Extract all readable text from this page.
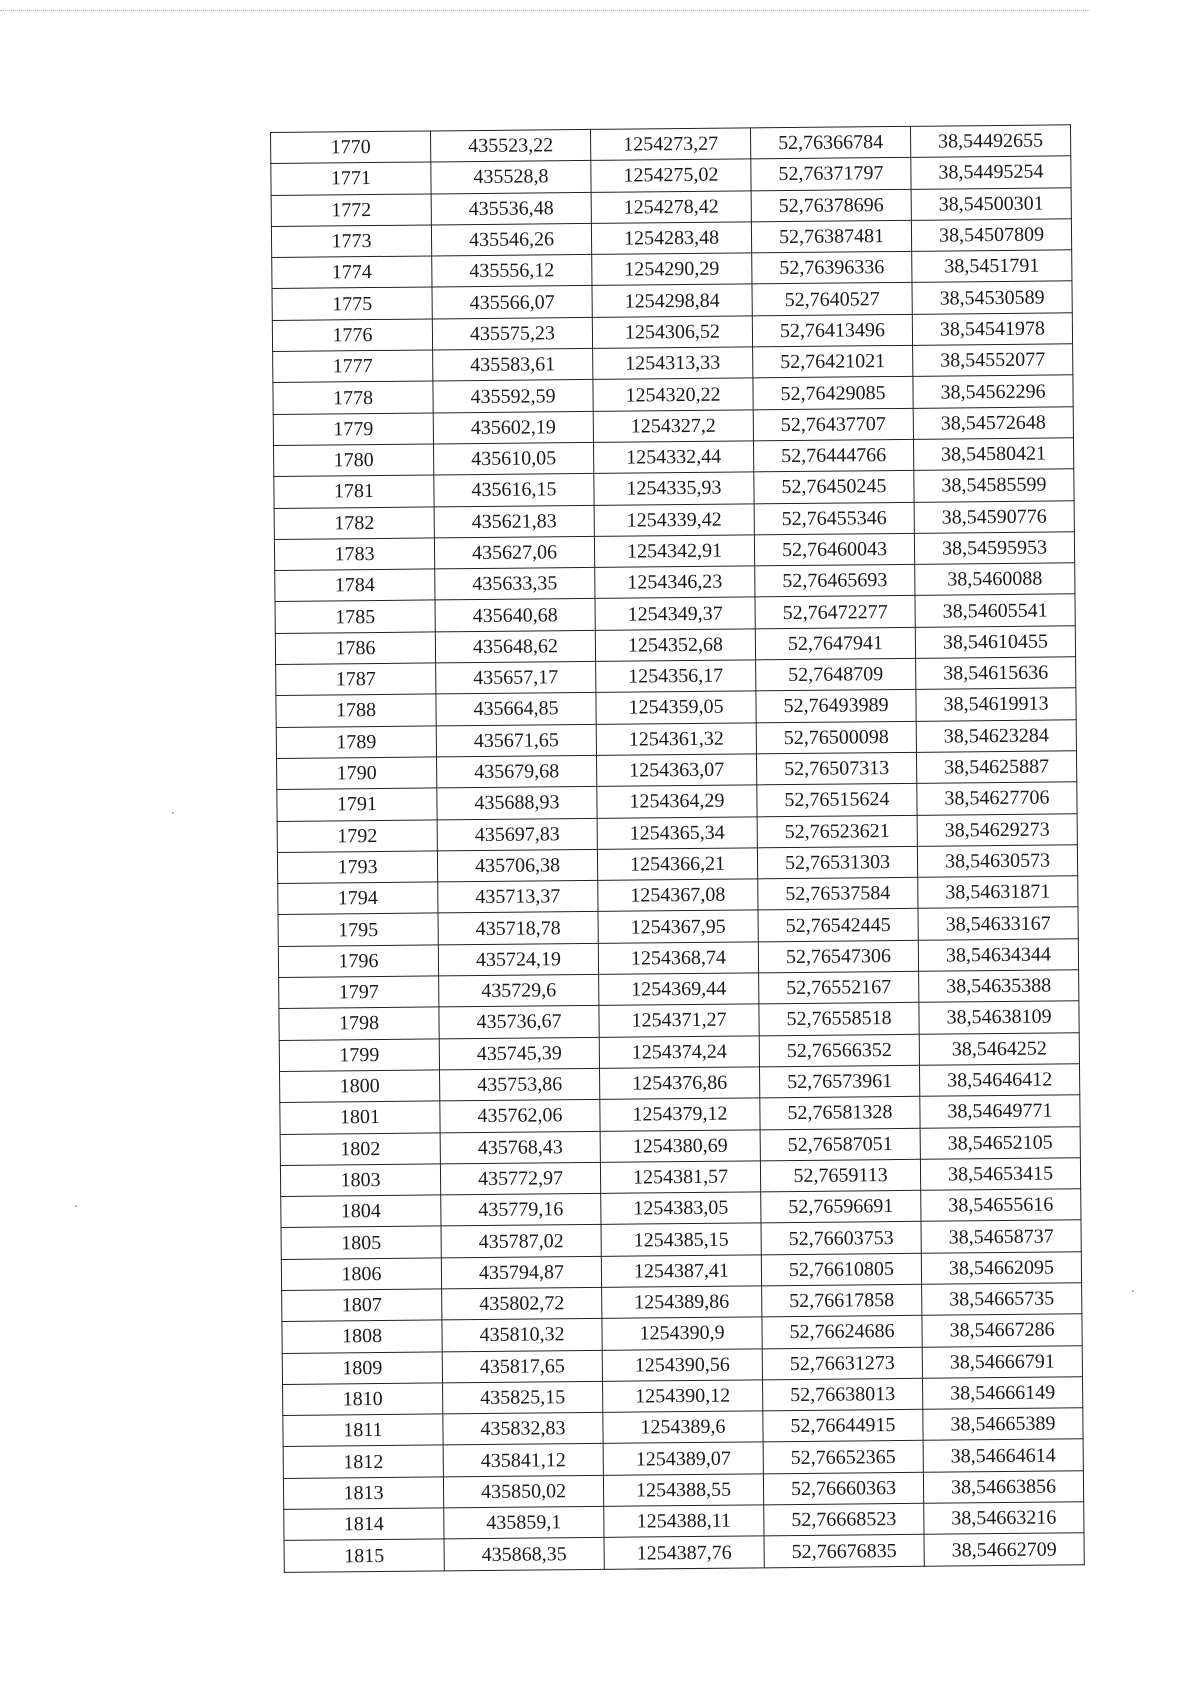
1770	435523,22	1254273,27	52,76366784	38,54492655
1771	435528,8	1254275,02	52,76371797	38,54495254
1772	435536,48	1254278,42	52,76378696	38,54500301
1773	435546,26	1254283,48	52,76387481	38,54507809
1774	435556,12	1254290,29	52,76396336	38,5451791
1775	435566,07	1254298,84	52,7640527	38,54530589
1776	435575,23	1254306,52	52,76413496	38,54541978
1777	435583,61	1254313,33	52,76421021	38,54552077
1778	435592,59	1254320,22	52,76429085	38,54562296
1779	435602,19	1254327,2	52,76437707	38,54572648
1780	435610,05	1254332,44	52,76444766	38,54580421
1781	435616,15	1254335,93	52,76450245	38,54585599
1782	435621,83	1254339,42	52,76455346	38,54590776
1783	435627,06	1254342,91	52,76460043	38,54595953
1784	435633,35	1254346,23	52,76465693	38,5460088
1785	435640,68	1254349,37	52,76472277	38,54605541
1786	435648,62	1254352,68	52,7647941	38,54610455
1787	435657,17	1254356,17	52,7648709	38,54615636
1788	435664,85	1254359,05	52,76493989	38,54619913
1789	435671,65	1254361,32	52,76500098	38,54623284
1790	435679,68	1254363,07	52,76507313	38,54625887
1791	435688,93	1254364,29	52,76515624	38,54627706
1792	435697,83	1254365,34	52,76523621	38,54629273
1793	435706,38	1254366,21	52,76531303	38,54630573
1794	435713,37	1254367,08	52,76537584	38,54631871
1795	435718,78	1254367,95	52,76542445	38,54633167
1796	435724,19	1254368,74	52,76547306	38,54634344
1797	435729,6	1254369,44	52,76552167	38,54635388
1798	435736,67	1254371,27	52,76558518	38,54638109
1799	435745,39	1254374,24	52,76566352	38,5464252
1800	435753,86	1254376,86	52,76573961	38,54646412
1801	435762,06	1254379,12	52,76581328	38,54649771
1802	435768,43	1254380,69	52,76587051	38,54652105
1803	435772,97	1254381,57	52,7659113	38,54653415
1804	435779,16	1254383,05	52,76596691	38,54655616
1805	435787,02	1254385,15	52,76603753	38,54658737
1806	435794,87	1254387,41	52,76610805	38,54662095
1807	435802,72	1254389,86	52,76617858	38,54665735
1808	435810,32	1254390,9	52,76624686	38,54667286
1809	435817,65	1254390,56	52,76631273	38,54666791
1810	435825,15	1254390,12	52,76638013	38,54666149
1811	435832,83	1254389,6	52,76644915	38,54665389
1812	435841,12	1254389,07	52,76652365	38,54664614
1813	435850,02	1254388,55	52,76660363	38,54663856
1814	435859,1	1254388,11	52,76668523	38,54663216
1815	435868,35	1254387,76	52,76676835	38,54662709
